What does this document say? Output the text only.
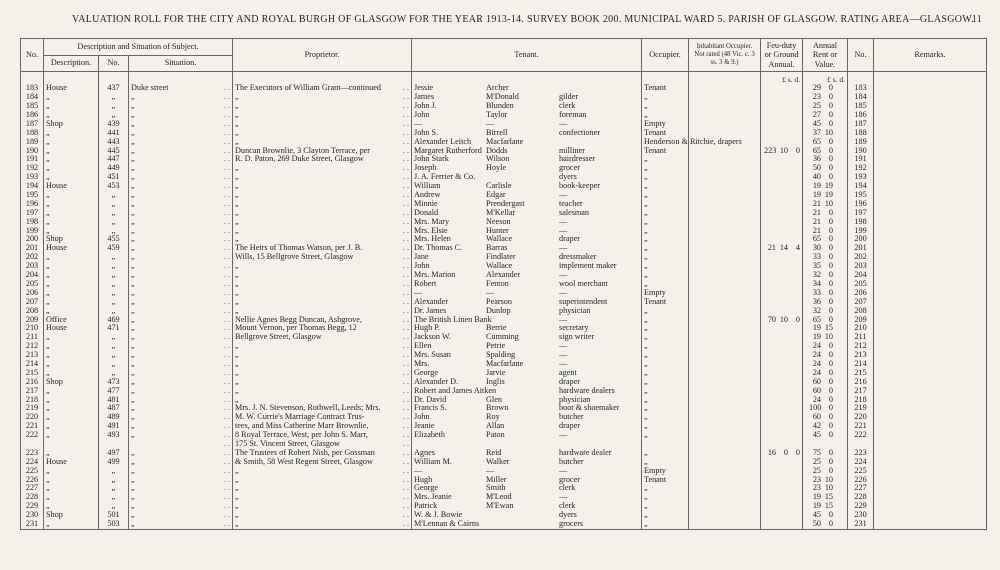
VALUATION ROLL FOR THE CITY AND ROYAL BURGH OF GLASGOW FOR THE YEAR 1913-14. SURVEY BOOK 200. MUNICIPAL WARD 5. PARISH OF GLASGOW. RATING AREA—GLASGOW.
11
No.	Description and Situation of Subject.			Proprietor.	Tenant.	Occupier.	Inhabitant Occupier. Not rated (48 Vic. c. 3 ss. 3 & 9.)	Feu-duty or Ground Annual.	Annual Rent or Value.	No.	Remarks.
	Description.	No.	Situation.								
								£ s. d.	£ s. d.		
183	House	437	Duke street . .	The Executors of William Grant—continued . .	Jessie Archer	Tenant			29 0	183	
184	„	„	„ . .	„ . .	James M'Donald gilder	„			23 0	184	
185	„	„	„ . .	„ . .	John J. Blunden clerk	„			25 0	185	
186	„	„	„ . .	„ . .	John Taylor foreman	„			27 0	186	
187	Shop	439	„ . .	„ . .	— — —	Empty			45 0	187	
188	„	441	„ . .	„ . .	John S. Birrell confectioner	Tenant			37 10	188	
189	„	443	„ . .	„ . .	Alexander Leitch Macfarlane	Henderson & Ritchie, drapers			65 0	189	
190	„	445	„ . .	Duncan Brownlie, 3 Clayton Terrace, per . .	Margaret Rutherford Dodds milliner	Tenant		223 10 0	65 0	190	
191	„	447	„ . .	R. D. Paton, 269 Duke Street, Glasgow . .	John Stark Wilson hairdresser	„			36 0	191	
192	„	449	„ . .	„ . .	Joseph Hoyle grocer	„			50 0	192	
193	„	451	„ . .	„ . .	J. A. Ferrier & Co. dyers	„			40 0	193	
194	House	453	„ . .	„ . .	William Carlisle book-keeper	„			19 19	194	
195	„	„	„ . .	„ . .	Andrew Edgar —	„			19 19	195	
196	„	„	„ . .	„ . .	Minnie Prendergast teacher	„			21 10	196	
197	„	„	„ . .	„ . .	Donald M'Kellar salesman	„			21 0	197	
198	„	„	„ . .	„ . .	Mrs. Mary Neeson —	„			21 0	198	
199	„	„	„ . .	„ . .	Mrs. Elsie Hunter —	„			21 0	199	
200	Shop	455	„ . .	„ . .	Mrs. Helen Wallace draper	„			65 0	200	
201	House	459	„ . .	The Heirs of Thomas Watson, per J. B. . .	Dr. Thomas C. Barras —	„		21 14 4	30 0	201	
202	„	„	„ . .	Wills, 15 Bellgrove Street, Glasgow . .	Jane Findlater dressmaker	„			33 0	202	
203	„	„	„ . .	„ . .	John Wallace implement maker	„			35 0	203	
204	„	„	„ . .	„ . .	Mrs. Marion Alexander —	„			32 0	204	
205	„	„	„ . .	„ . .	Robert Fenton wool merchant	„			34 0	205	
206	„	„	„ . .	„ . .	— — —	Empty			33 0	206	
207	„	„	„ . .	„ . .	Alexander Pearson superintendent	Tenant			36 0	207	
208	„	„	„ . .	„ . .	Dr. James Dunlop physician	„			32 0	208	
209	Office	469	„ . .	Nellie Agnes Begg Duncan, Ashgrove, . .	The British Linen Bank —	„		70 10 0	65 0	209	
210	House	471	„ . .	Mount Vernon, per Thomas Begg, 12 . .	Hugh P. Berrie secretary	„			19 15	210	
211	„	„	„ . .	Bellgrove Street, Glasgow . .	Jackson W. Cumming sign writer	„			19 10	211	
212	„	„	„ . .	„ . .	Ellen Petrie —	„			24 0	212	
213	„	„	„ . .	„ . .	Mrs. Susan Spalding —	„			24 0	213	
214	„	„	„ . .	„ . .	Mrs. Macfarlane —	„			24 0	214	
215	„	„	„ . .	„ . .	George Jarvie agent	„			24 0	215	
216	Shop	473	„ . .	„ . .	Alexander D. Inglis draper	„			60 0	216	
217	„	477	„ . .	„ . .	Robert and James Aitken hardware dealers	„			60 0	217	
218	„	481	„ . .	„ . .	Dr. David Glen physician	„			24 0	218	
219	„	487	„ . .	Mrs. J. N. Stevenson, Rothwell, Leeds; Mrs. . .	Francis S. Brown boot & shoemaker	„			100 0	219	
220	„	489	„ . .	M. W. Currie's Marriage Contract Trus- . .	John Roy butcher	„			60 0	220	
221	„	491	„ . .	tees, and Miss Catherine Marr Brownlie, . .	Jeanie Allan draper	„			42 0	221	
222	„	493	„ . .	8 Royal Terrace, West, per John S. Marr, . .	Elizabeth Paton —	„			45 0	222	

			. .	175 St. Vincent Street, Glasgow . .							

223	„	497	„ . .	The Trustees of Robert Nish, per Gossman . .	Agnes Reid hardware dealer	„		16 0 0	75 0	223	
224	House	499	„ . .	& Smith, 58 West Regent Street, Glasgow . .	William M. Walker butcher	„			25 0	224	
225	„	„	„ . .	„ . .	— — —	Empty			25 0	225	
226	„	„	„ . .	„ . .	Hugh Miller grocer	Tenant			23 10	226	
227	„	„	„ . .	„ . .	George Smith clerk	„			23 10	227	
228	„	„	„ . .	„ . .	Mrs. Jeanie M'Leod —	„			19 15	228	
229	„	„	„ . .	„ . .	Patrick M'Ewan clerk	„			19 15	229	
230	Shop	501	„ . .	„ . .	W. & J. Bowie dyers	„			45 0	230	
231	„	503	„ . .	„ . .	M'Lennan & Cairns grocers	„			50 0	231	
